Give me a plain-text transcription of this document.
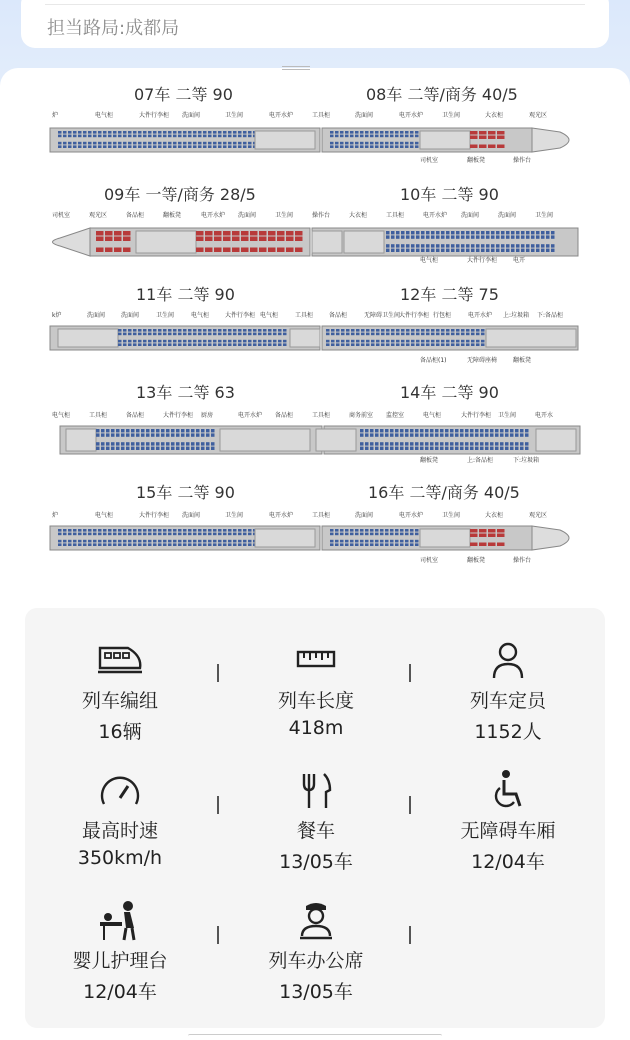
担当路局:成都局
07车 二等 90	08车 二等/商务 40/5
09车 一等/商务 28/5	10车 二等 90
11车 二等 90	12车 二等 75
13车 二等 63	14车 二等 90
15车 二等 90	16车 二等/商务 40/5
列车编组
16辆
列车长度
418m
列车定员
1152人
最高时速
350km/h
餐车
13/05车
无障碍车厢
12/04车
婴儿护理台
12/04车
列车办公席
13/05车
炉	电气柜	大件行李柜 洗面间	卫生间	电开水炉	工具柜	洗面间	电开水炉	卫生间	大衣柜	观光区
司机室	翻板凳	操作台
司机室	观光区	备品柜	翻板凳	电开水炉 洗面间	卫生间	操作台	大衣柜	工具柜	电开水炉 洗面间	洗面间	卫生间
电气柜	大件行李柜	电开
k炉	洗面间	洗面间	卫生间	电气柜	大件行李柜 电气柜	工具柜	备品柜	无障碍卫生间
大件行李柜 行包柜	电开水炉 上:垃圾箱 下:备品柜
备品柜(1)	无障碍座椅	翻板凳
电气柜	工具柜	备品柜	大件行李柜 厨房	电开水炉 备品柜	工具柜	商务前室 监控室	电气柜	大件行李柜 卫生间	电开水
翻板凳	上:备品柜	下:垃圾箱
炉	电气柜	大件行李柜 洗面间	卫生间	电开水炉	工具柜	洗面间	电开水炉	卫生间	大衣柜	观光区
司机室	翻板凳	操作台
